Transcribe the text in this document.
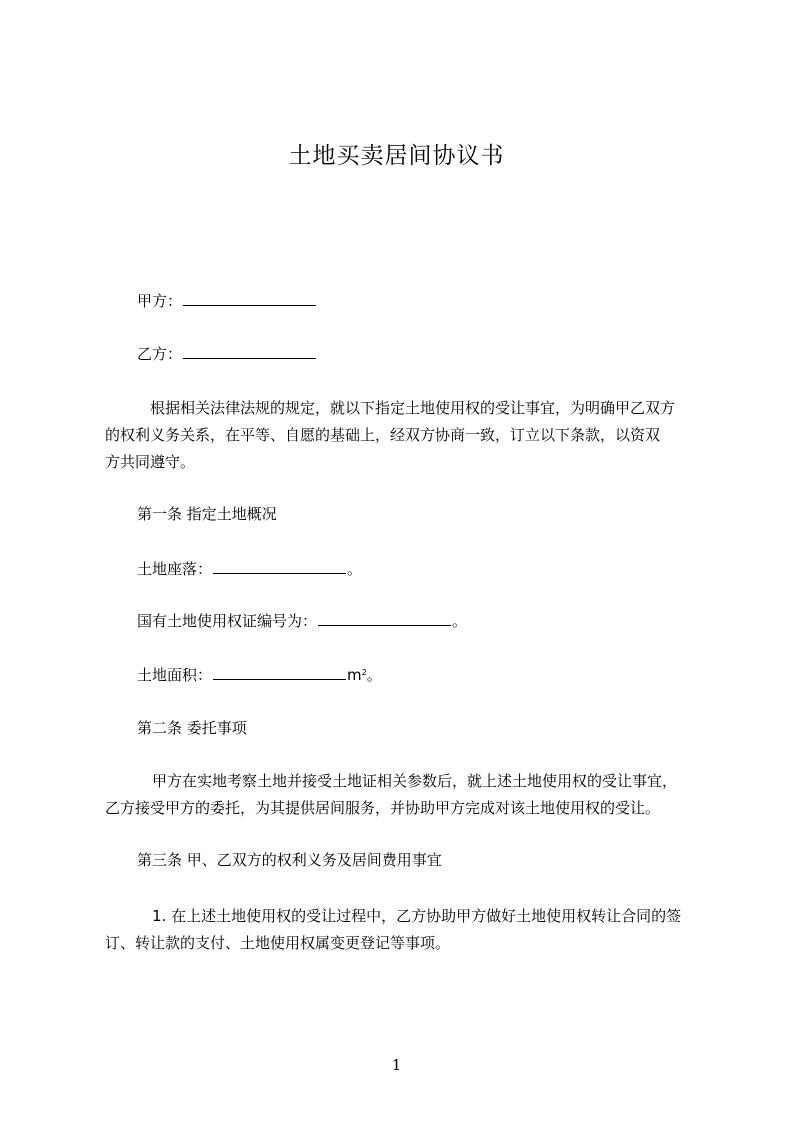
土地买卖居间协议书
甲方：
乙方：
　根据相关法律法规的规定，就以下指定土地使用权的受让事宜，为明确甲乙双方
的权利义务关系，在平等、自愿的基础上，经双方协商一致，订立以下条款，以资双
方共同遵守。
第一条 指定土地概况
土地座落：	。
国有土地使用权证编号为：	。
土地面积：	$m^2$。
第二条 委托事项
　甲方在实地考察土地并接受土地证相关参数后，就上述土地使用权的受让事宜，
乙方接受甲方的委托，为其提供居间服务，并协助甲方完成对该土地使用权的受让。
第三条 甲、乙双方的权利义务及居间费用事宜
　1. 在上述土地使用权的受让过程中，乙方协助甲方做好土地使用权转让合同的签
订、转让款的支付、土地使用权属变更登记等事项。
1
